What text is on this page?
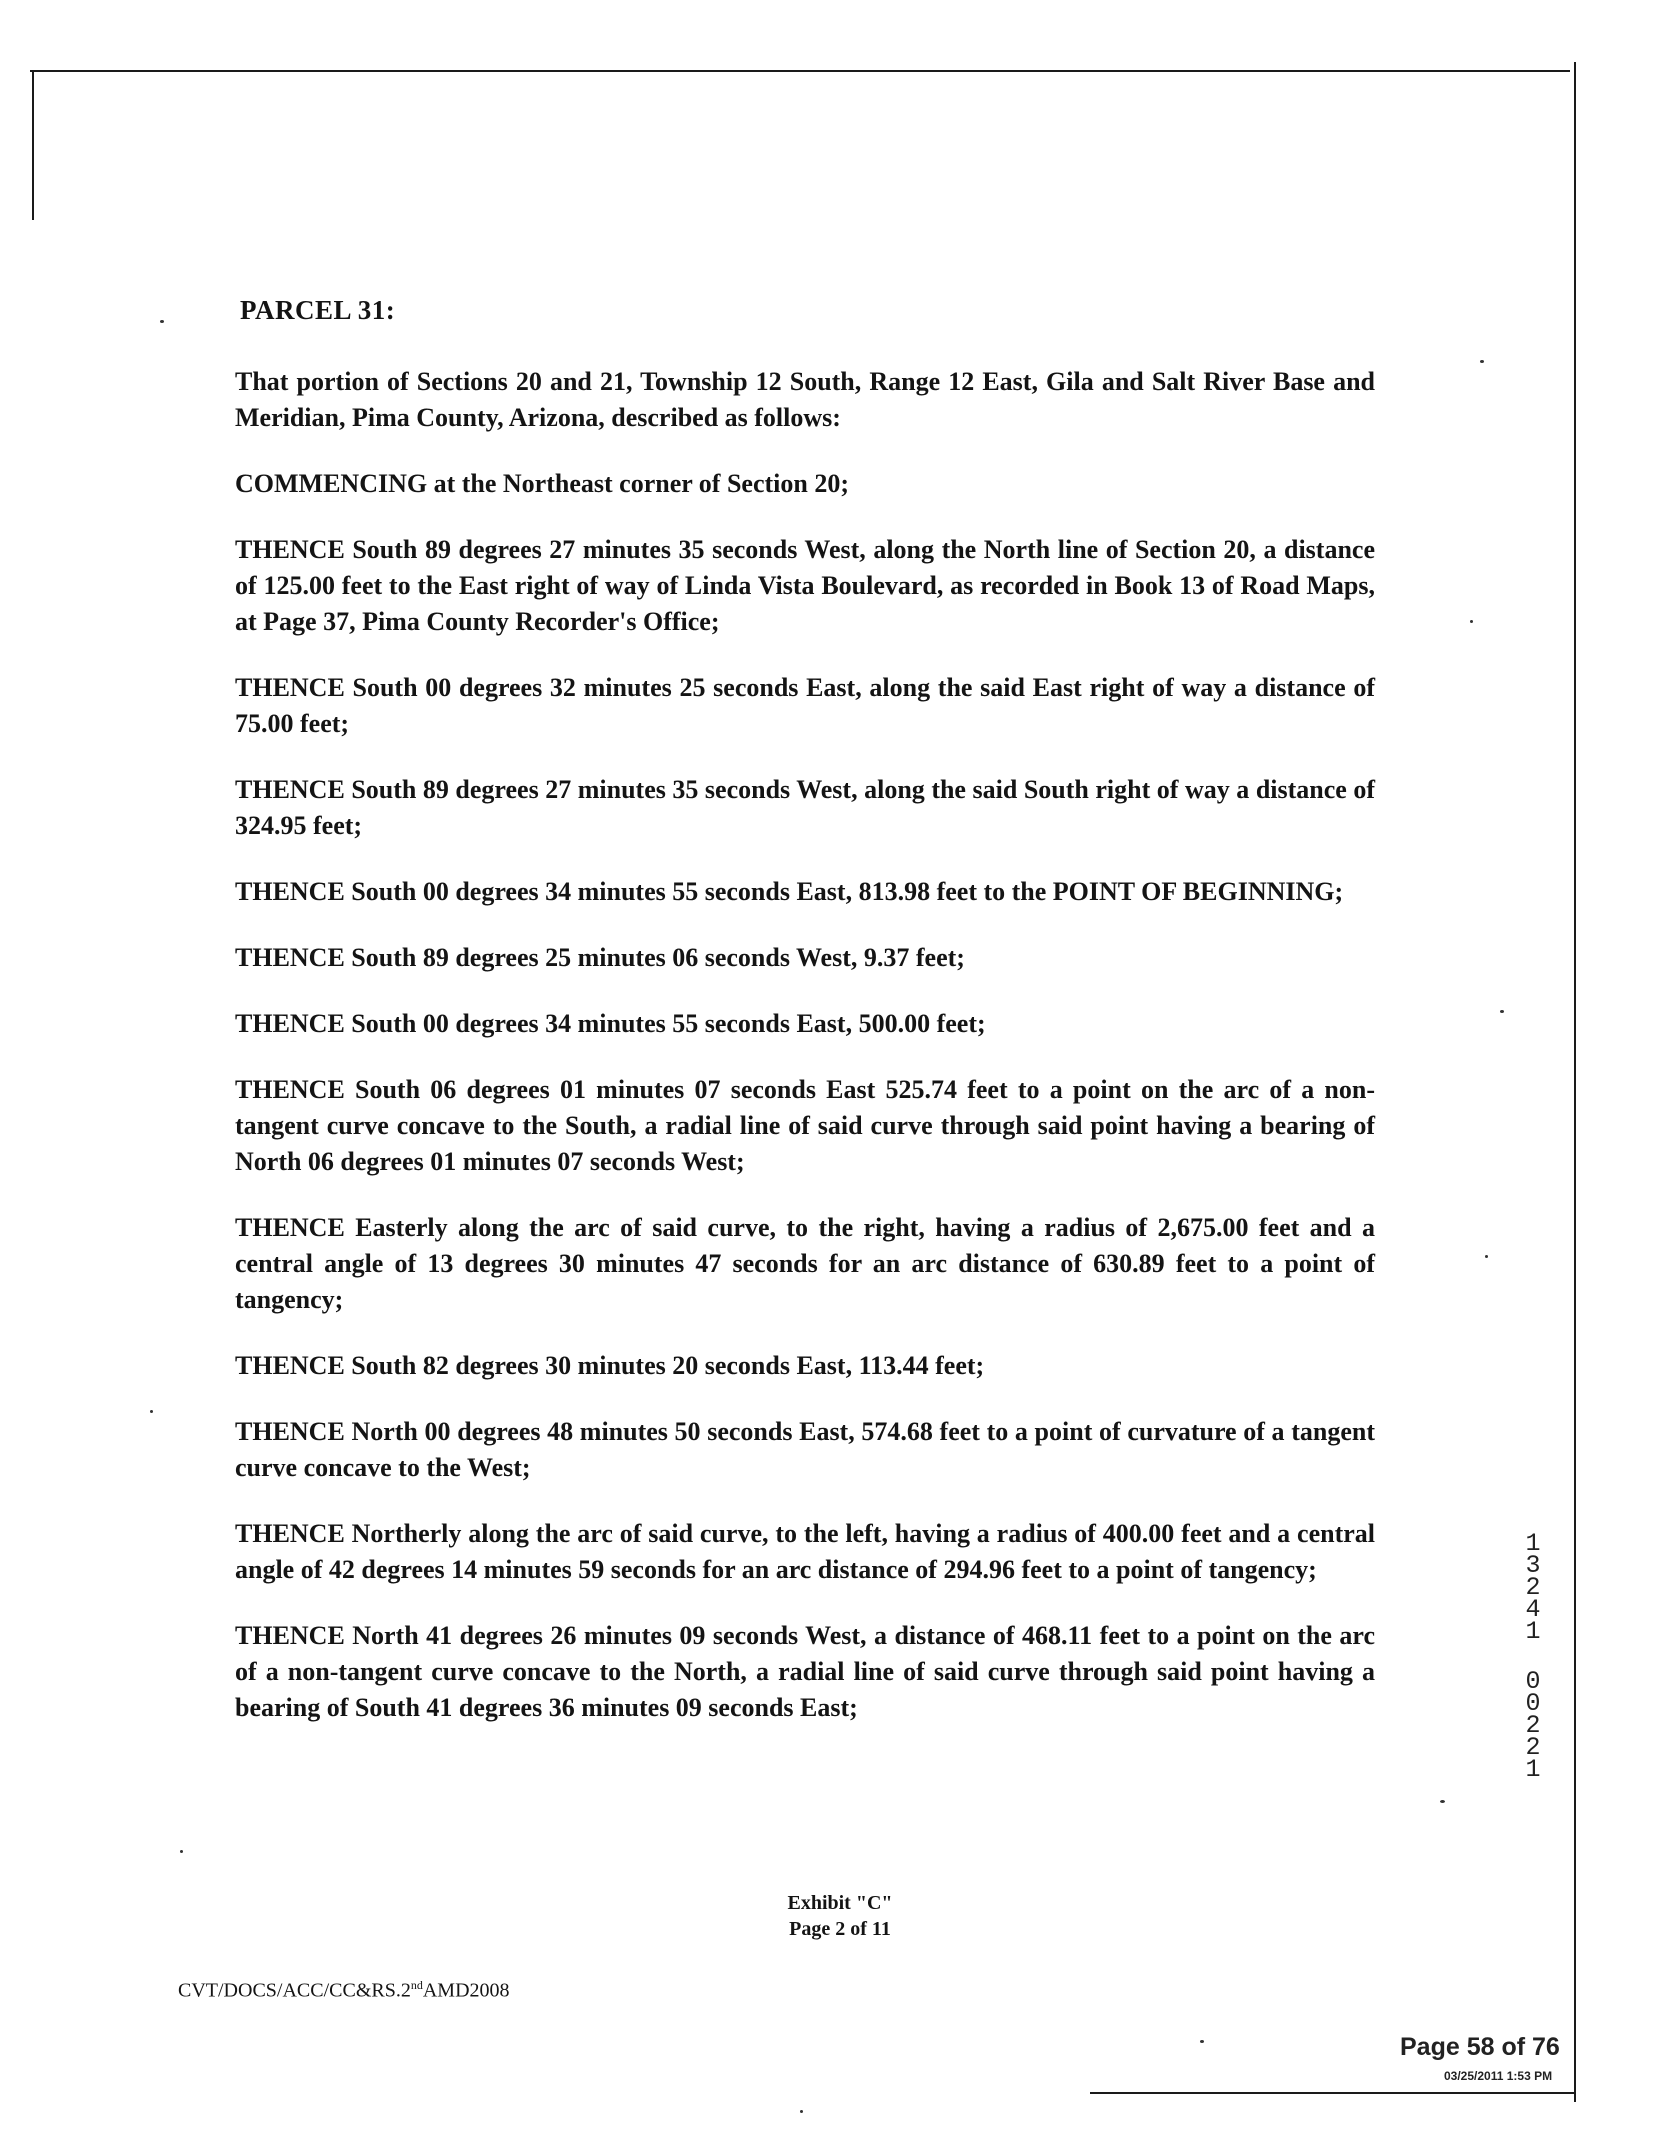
PARCEL 31:

That portion of Sections 20 and 21, Township 12 South, Range 12 East, Gila and Salt River Base and Meridian, Pima County, Arizona, described as follows:

COMMENCING at the Northeast corner of Section 20;

THENCE South 89 degrees 27 minutes 35 seconds West, along the North line of Section 20, a distance of 125.00 feet to the East right of way of Linda Vista Boulevard, as recorded in Book 13 of Road Maps, at Page 37, Pima County Recorder's Office;

THENCE South 00 degrees 32 minutes 25 seconds East, along the said East right of way a distance of 75.00 feet;

THENCE South 89 degrees 27 minutes 35 seconds West, along the said South right of way a distance of 324.95 feet;

THENCE South 00 degrees 34 minutes 55 seconds East, 813.98 feet to the POINT OF BEGINNING;

THENCE South 89 degrees 25 minutes 06 seconds West, 9.37 feet;

THENCE South 00 degrees 34 minutes 55 seconds East, 500.00 feet;

THENCE South 06 degrees 01 minutes 07 seconds East 525.74 feet to a point on the arc of a non-tangent curve concave to the South, a radial line of said curve through said point having a bearing of North 06 degrees 01 minutes 07 seconds West;

THENCE Easterly along the arc of said curve, to the right, having a radius of 2,675.00 feet and a central angle of 13 degrees 30 minutes 47 seconds for an arc distance of 630.89 feet to a point of tangency;

THENCE South 82 degrees 30 minutes 20 seconds East, 113.44 feet;

THENCE North 00 degrees 48 minutes 50 seconds East, 574.68 feet to a point of curvature of a tangent curve concave to the West;

THENCE Northerly along the arc of said curve, to the left, having a radius of 400.00 feet and a central angle of 42 degrees 14 minutes 59 seconds for an arc distance of 294.96 feet to a point of tangency;

THENCE North 41 degrees 26 minutes 09 seconds West, a distance of 468.11 feet to a point on the arc of a non-tangent curve concave to the North, a radial line of said curve through said point having a bearing of South 41 degrees 36 minutes 09 seconds East;

1
3
2
4
1
0
0
2
2
1
Exhibit "C"
Page 2 of 11
CVT/DOCS/ACC/CC&RS.2ndAMD2008
Page 58 of 76
03/25/2011 1:53 PM
